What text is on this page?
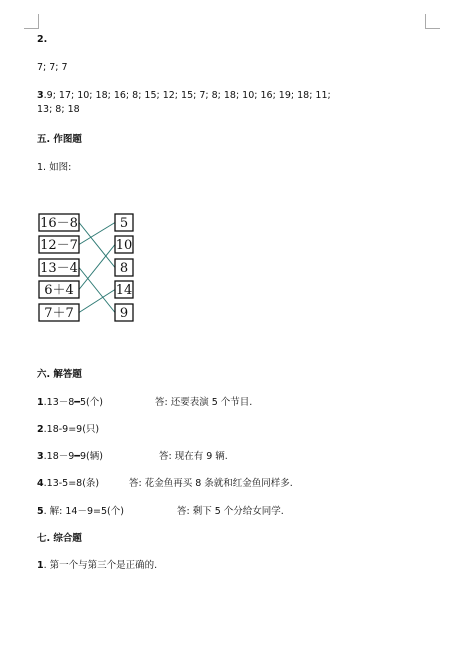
2.
7; 7; 7
3.9; 17; 10; 18; 16; 8; 15; 12; 15; 7; 8; 18; 10; 16; 19; 18; 11;
13; 8; 18
五. 作图题
1. 如图:
16－8
12－7
13－4
6＋4
7＋7
5
10
8
14
9
六. 解答题
1.13－8━5(个)	答: 还要表演 5 个节目.
2.18-9=9(只)
3.18－9━9(辆)	答: 现在有 9 辆.
4.13-5=8(条)	答: 花金鱼再买 8 条就和红金鱼同样多.
5. 解: 14－9=5(个)	答: 剩下 5 个分给女同学.
七. 综合题
1. 第一个与第三个是正确的.
